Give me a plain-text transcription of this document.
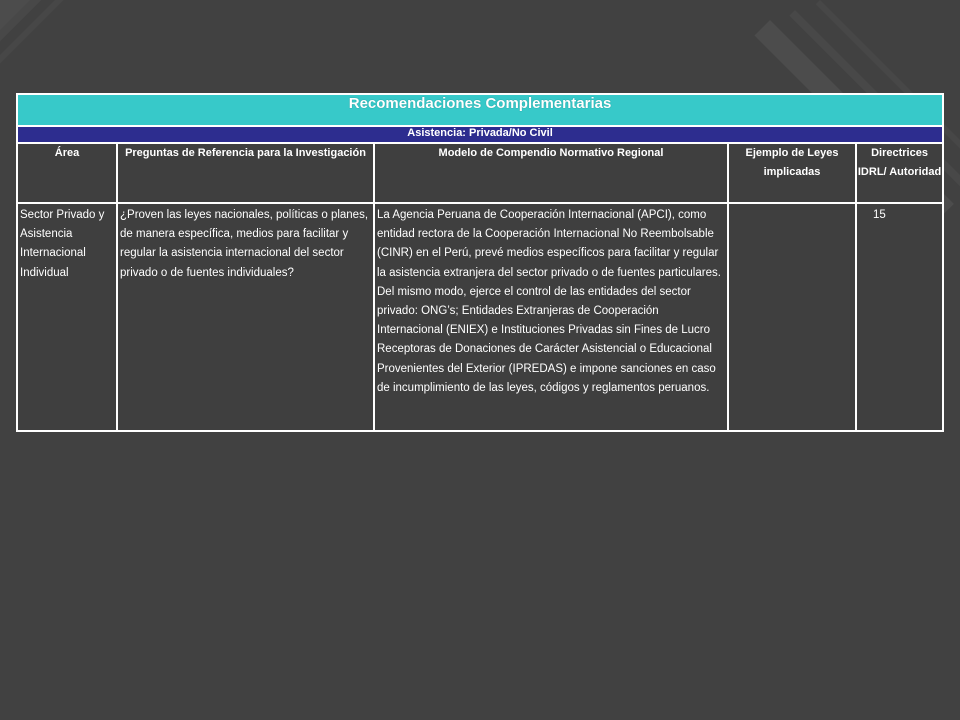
Recomendaciones Complementarias				
Asistencia: Privada/No Civil				
Área	Preguntas de Referencia para la Investigación	Modelo de Compendio Normativo Regional	Ejemplo de Leyes implicadas	Directrices IDRL/ Autoridad

Sector Privado y Asistencia Internacional Individual	¿Proven las leyes nacionales, políticas o planes, de manera específica, medios para facilitar y regular la asistencia internacional del sector privado o de fuentes individuales?	La Agencia Peruana de Cooperación Internacional (APCI), como entidad rectora de la Cooperación Internacional No Reembolsable (CINR) en el Perú, prevé medios específicos para facilitar y regular la asistencia extranjera del sector privado o de fuentes particulares. Del mismo modo, ejerce el control de las entidades del sector privado: ONG’s; Entidades Extranjeras de Cooperación Internacional (ENIEX) e Instituciones Privadas sin Fines de Lucro Receptoras de Donaciones de Carácter Asistencial o Educacional Provenientes del Exterior (IPREDAS) e impone sanciones en caso de incumplimiento de las leyes, códigos y reglamentos peruanos.		15
